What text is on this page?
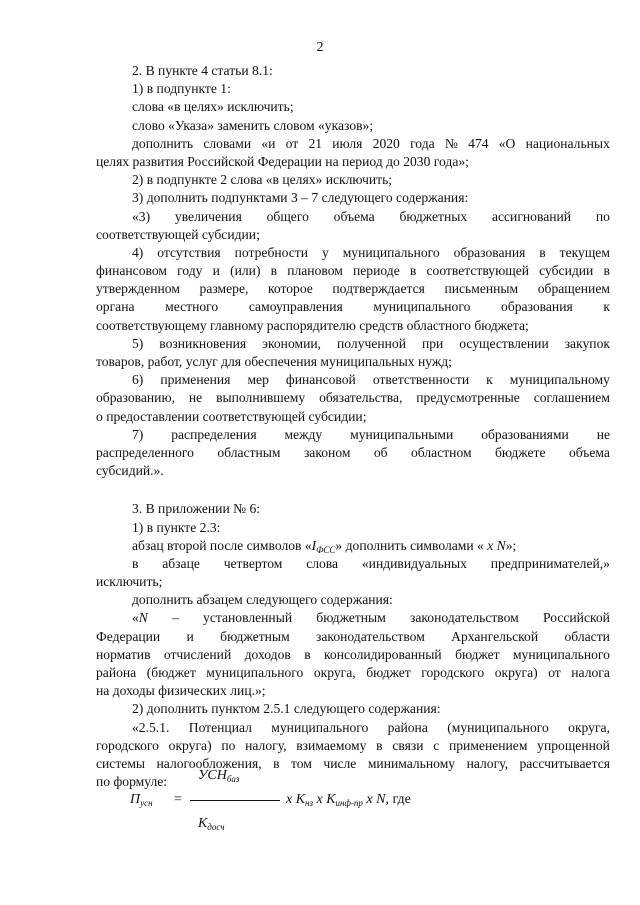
2
2. В пункте 4 статьи 8.1:
1) в подпункте 1:
слова «в целях» исключить;
слово «Указа» заменить словом «указов»;
дополнить словами «и от 21 июля 2020 года № 474 «О национальных
целях развития Российской Федерации на период до 2030 года»;
2) в подпункте 2 слова «в целях» исключить;
3) дополнить подпунктами 3 – 7 следующего содержания:
«3) увеличения общего объема бюджетных ассигнований по
соответствующей субсидии;
4) отсутствия потребности у муниципального образования в текущем
финансовом году и (или) в плановом периоде в соответствующей субсидии в
утвержденном размере, которое подтверждается письменным обращением
органа местного самоуправления муниципального образования к
соответствующему главному распорядителю средств областного бюджета;
5) возникновения экономии, полученной при осуществлении закупок
товаров, работ, услуг для обеспечения муниципальных нужд;
6) применения мер финансовой ответственности к муниципальному
образованию, не выполнившему обязательства, предусмотренные соглашением
о предоставлении соответствующей субсидии;
7) распределения между муниципальными образованиями не
распределенного областным законом об областном бюджете объема
субсидий.».
3. В приложении № 6:
1) в пункте 2.3:
абзац второй после символов «$I_{ФСС}$» дополнить символами « х N»;
в абзаце четвертом слова «индивидуальных предпринимателей,»
исключить;
дополнить абзацем следующего содержания:
«N – установленный бюджетным законодательством Российской
Федерации и бюджетным законодательством Архангельской области
норматив отчислений доходов в консолидированный бюджет муниципального
района (бюджет муниципального округа, бюджет городского округа) от налога
на доходы физических лиц.»;
2) дополнить пунктом 2.5.1 следующего содержания:
«2.5.1. Потенциал муниципального района (муниципального округа,
городского округа) по налогу, взимаемому в связи с применением упрощенной
системы налогообложения, в том числе минимальному налогу, рассчитывается
по формуле:
$П_{усн}$ =
$УСН_{баз}$
$К_{досч}$
х $К_{нз}$ х $К_{инф-пр}$ х N, где
